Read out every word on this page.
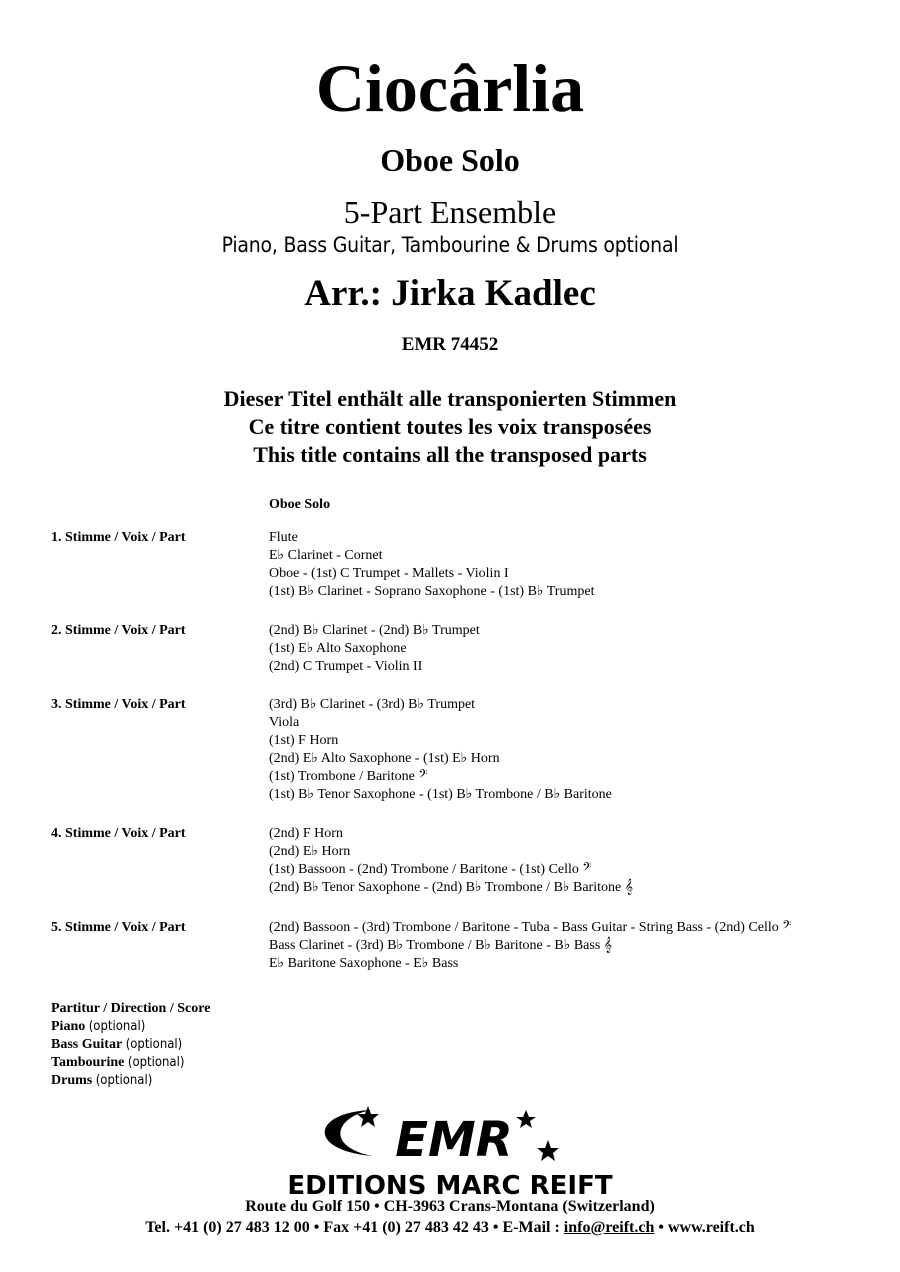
Ciocârlia
Oboe Solo
5-Part Ensemble
Piano, Bass Guitar, Tambourine & Drums optional
Arr.: Jirka Kadlec
EMR 74452
Dieser Titel enthält alle transponierten Stimmen
Ce titre contient toutes les voix transposées
This title contains all the transposed parts
Oboe Solo
1. Stimme / Voix / Part	Flute
E♭ Clarinet - Cornet
Oboe - (1st) C Trumpet - Mallets - Violin I
(1st) B♭ Clarinet - Soprano Saxophone - (1st) B♭ Trumpet
2. Stimme / Voix / Part	(2nd) B♭ Clarinet - (2nd) B♭ Trumpet
(1st) E♭ Alto Saxophone
(2nd) C Trumpet - Violin II
3. Stimme / Voix / Part	(3rd) B♭ Clarinet - (3rd) B♭ Trumpet
Viola
(1st) F Horn
(2nd) E♭ Alto Saxophone - (1st) E♭ Horn
(1st) Trombone / Baritone 𝄢
(1st) B♭ Tenor Saxophone - (1st) B♭ Trombone / B♭ Baritone
4. Stimme / Voix / Part	(2nd) F Horn
(2nd) E♭ Horn
(1st) Bassoon - (2nd) Trombone / Baritone - (1st) Cello 𝄢
(2nd) B♭ Tenor Saxophone - (2nd) B♭ Trombone / B♭ Baritone 𝄞
5. Stimme / Voix / Part	(2nd) Bassoon - (3rd) Trombone / Baritone - Tuba - Bass Guitar - String Bass - (2nd) Cello 𝄢
Bass Clarinet - (3rd) B♭ Trombone / B♭ Baritone - B♭ Bass 𝄞
E♭ Baritone Saxophone - E♭ Bass
Partitur / Direction / Score
Piano (optional)
Bass Guitar (optional)
Tambourine (optional)
Drums (optional)
EMR
EDITIONS MARC REIFT
Route du Golf 150 • CH-3963 Crans-Montana (Switzerland)
Tel. +41 (0) 27 483 12 00 • Fax +41 (0) 27 483 42 43 • E-Mail : info@reift.ch • www.reift.ch
